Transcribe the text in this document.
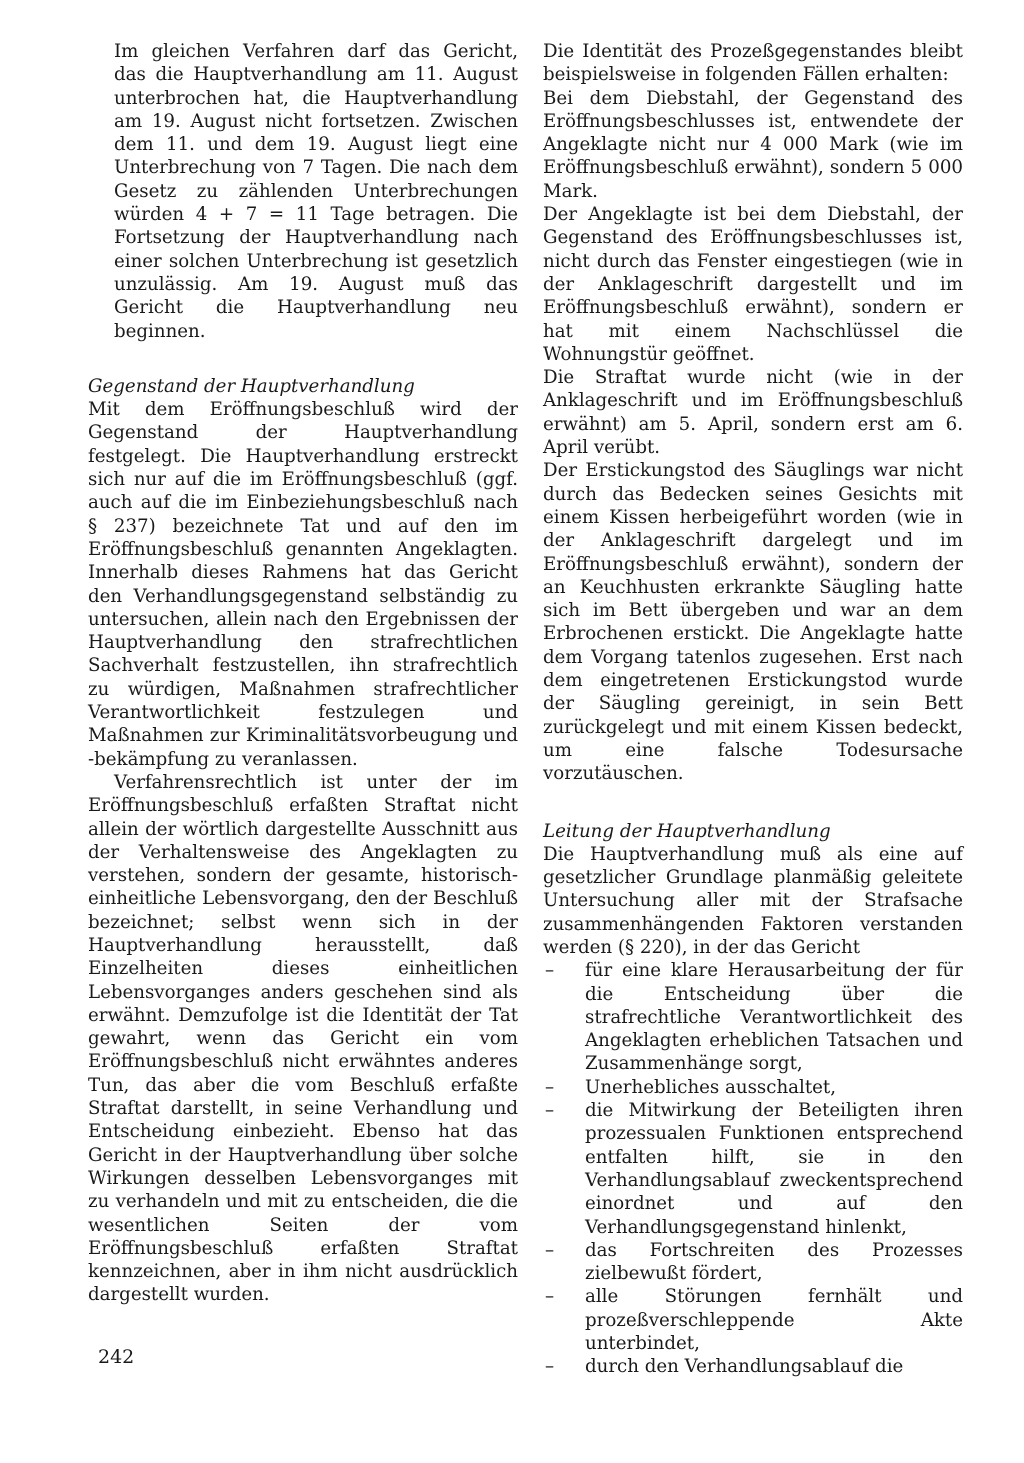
Im gleichen Verfahren darf das Gericht, das die Hauptverhandlung am 11. August unterbrochen hat, die Hauptverhandlung am 19. August nicht fortsetzen. Zwischen dem 11. und dem 19. August liegt eine Unterbrechung von 7 Tagen. Die nach dem Gesetz zu zählenden Unterbrechungen würden 4 + 7 = 11 Tage betragen. Die Fortsetzung der Hauptverhandlung nach einer solchen Unterbrechung ist gesetzlich unzulässig. Am 19. August muß das Gericht die Hauptverhandlung neu beginnen.

Gegenstand der Hauptverhandlung

Mit dem Eröffnungsbeschluß wird der Gegenstand der Hauptverhandlung festgelegt. Die Hauptverhandlung erstreckt sich nur auf die im Eröffnungsbeschluß (ggf. auch auf die im Einbeziehungsbeschluß nach § 237) bezeichnete Tat und auf den im Eröffnungsbeschluß genannten Angeklagten. Innerhalb dieses Rahmens hat das Gericht den Verhandlungsgegenstand selbständig zu untersuchen, allein nach den Ergebnissen der Hauptverhandlung den strafrechtlichen Sachverhalt festzustellen, ihn strafrechtlich zu würdigen, Maßnahmen strafrechtlicher Verantwortlichkeit festzulegen und Maßnahmen zur Kriminalitätsvorbeugung und -bekämpfung zu veranlassen.

Verfahrensrechtlich ist unter der im Eröffnungsbeschluß erfaßten Straftat nicht allein der wörtlich dargestellte Ausschnitt aus der Verhaltensweise des Angeklagten zu verstehen, sondern der gesamte, historisch-einheitliche Lebensvorgang, den der Beschluß bezeichnet; selbst wenn sich in der Hauptverhandlung herausstellt, daß Einzelheiten dieses einheitlichen Lebensvorganges anders geschehen sind als erwähnt. Demzufolge ist die Identität der Tat gewahrt, wenn das Gericht ein vom Eröffnungsbeschluß nicht erwähntes anderes Tun, das aber die vom Beschluß erfaßte Straftat darstellt, in seine Verhandlung und Entscheidung einbezieht. Ebenso hat das Gericht in der Hauptverhandlung über solche Wirkungen desselben Lebensvorganges mit zu verhandeln und mit zu entscheiden, die die wesentlichen Seiten der vom Eröffnungsbeschluß erfaßten Straftat kennzeichnen, aber in ihm nicht ausdrücklich dargestellt wurden.

Die Identität des Prozeßgegenstandes bleibt beispielsweise in folgenden Fällen erhalten:

Bei dem Diebstahl, der Gegenstand des Eröffnungsbeschlusses ist, entwendete der Angeklagte nicht nur 4 000 Mark (wie im Eröffnungsbeschluß erwähnt), sondern 5 000 Mark.

Der Angeklagte ist bei dem Diebstahl, der Gegenstand des Eröffnungsbeschlusses ist, nicht durch das Fenster eingestiegen (wie in der Anklageschrift dargestellt und im Eröffnungsbeschluß erwähnt), sondern er hat mit einem Nachschlüssel die Wohnungstür geöffnet.

Die Straftat wurde nicht (wie in der Anklageschrift und im Eröffnungsbeschluß erwähnt) am 5. April, sondern erst am 6. April verübt.

Der Erstickungstod des Säuglings war nicht durch das Bedecken seines Gesichts mit einem Kissen herbeigeführt worden (wie in der Anklageschrift dargelegt und im Eröffnungsbeschluß erwähnt), sondern der an Keuchhusten erkrankte Säugling hatte sich im Bett übergeben und war an dem Erbrochenen erstickt. Die Angeklagte hatte dem Vorgang tatenlos zugesehen. Erst nach dem eingetretenen Erstickungstod wurde der Säugling gereinigt, in sein Bett zurückgelegt und mit einem Kissen bedeckt, um eine falsche Todesursache vorzutäuschen.

Leitung der Hauptverhandlung

Die Hauptverhandlung muß als eine auf gesetzlicher Grundlage planmäßig geleitete Untersuchung aller mit der Strafsache zusammenhängenden Faktoren verstanden werden (§ 220), in der das Gericht

– für eine klare Herausarbeitung der für die Entscheidung über die strafrechtliche Verantwortlichkeit des Angeklagten erheblichen Tatsachen und Zusammenhänge sorgt,
– Unerhebliches ausschaltet,
– die Mitwirkung der Beteiligten ihren prozessualen Funktionen entsprechend entfalten hilft, sie in den Verhandlungsablauf zweckentsprechend einordnet und auf den Verhandlungsgegenstand hinlenkt,
– das Fortschreiten des Prozesses zielbewußt fördert,
– alle Störungen fernhält und prozeßverschleppende Akte unterbindet,
– durch den Verhandlungsablauf die
242
